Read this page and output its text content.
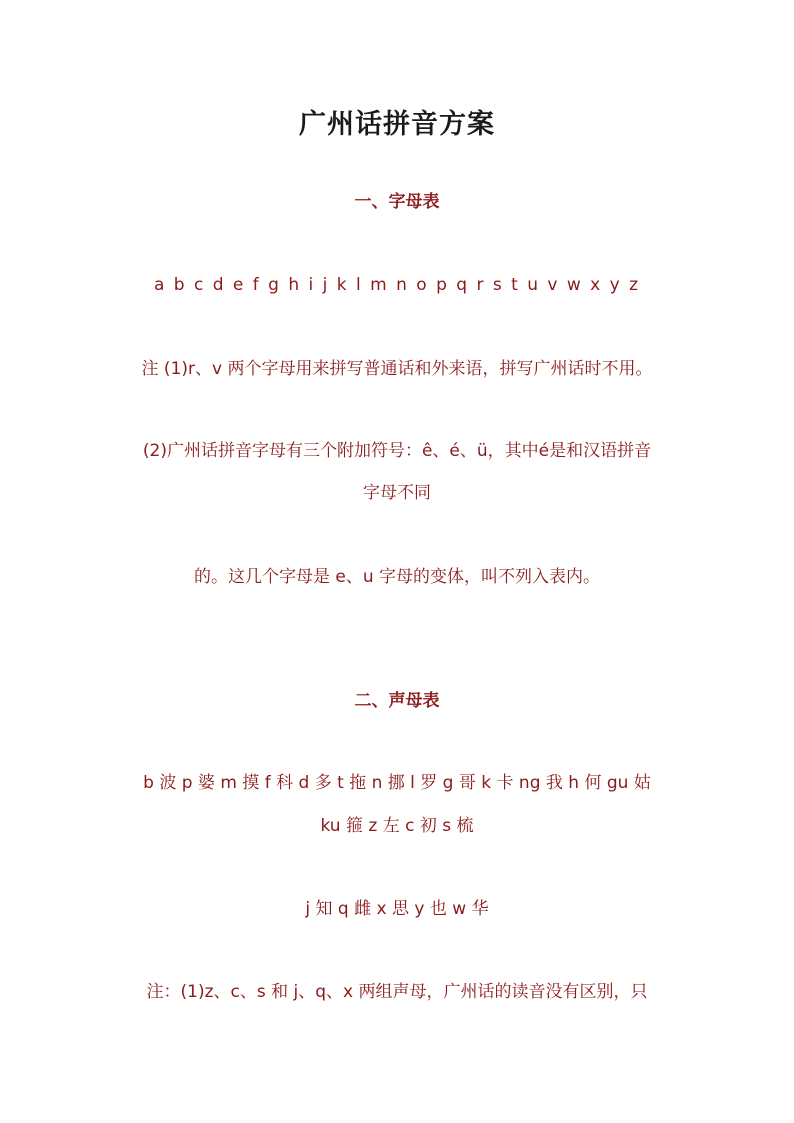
广州话拼音方案
一、字母表
a b c d e f g h i j k l m n o p q r s t u v w x y z
注 (1)r、v 两个字母用来拼写普通话和外来语，拼写广州话时不用。
(2)广州话拼音字母有三个附加符号：ê、é、ü，其中é是和汉语拼音
字母不同
的。这几个字母是 e、u 字母的变体，叫不列入表内。
二、声母表
b 波 p 婆 m 摸 f 科 d 多 t 拖 n 挪 l 罗 g 哥 k 卡 ng 我 h 何 gu 姑
ku 箍 z 左 c 初 s 梳
j 知 q 雌 x 思 y 也 w 华
注：(1)z、c、s 和 j、q、x 两组声母，广州话的读音没有区别，只
